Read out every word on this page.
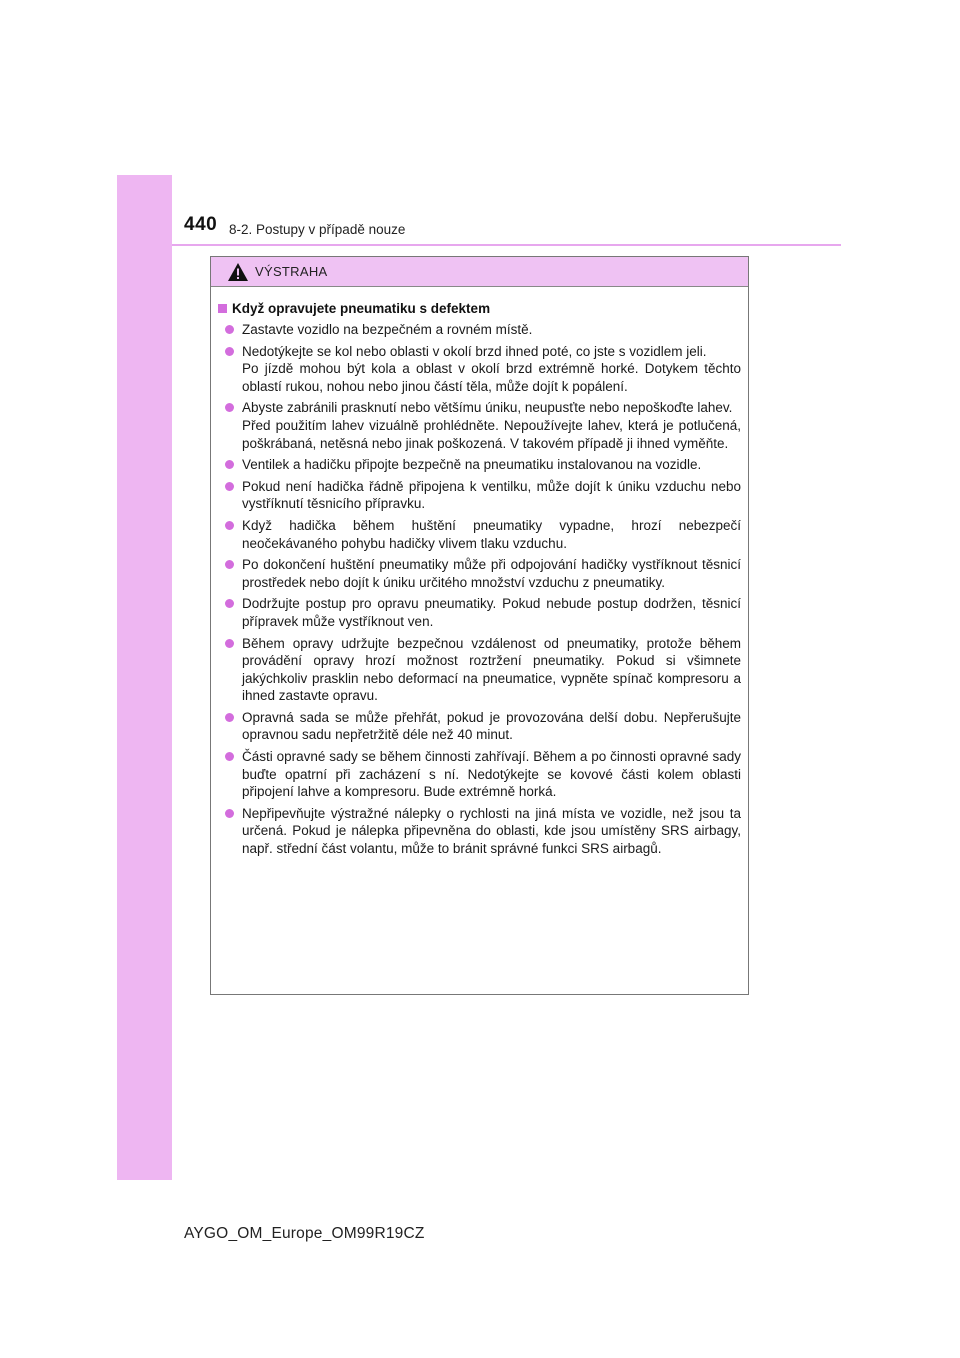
440 8-2. Postupy v případě nouze
VÝSTRAHA
Když opravujete pneumatiku s defektem
Zastavte vozidlo na bezpečném a rovném místě.
Nedotýkejte se kol nebo oblasti v okolí brzd ihned poté, co jste s vozidlem jeli.
Po jízdě mohou být kola a oblast v okolí brzd extrémně horké. Dotykem těchto oblastí rukou, nohou nebo jinou částí těla, může dojít k popálení.
Abyste zabránili prasknutí nebo většímu úniku, neupusťte nebo nepoškoďte lahev.
Před použitím lahev vizuálně prohlédněte. Nepoužívejte lahev, která je potlučená, poškrábaná, netěsná nebo jinak poškozená. V takovém případě ji ihned vyměňte.
Ventilek a hadičku připojte bezpečně na pneumatiku instalovanou na vozidle.
Pokud není hadička řádně připojena k ventilku, může dojít k úniku vzduchu nebo vystříknutí těsnicího přípravku.
Když hadička během huštění pneumatiky vypadne, hrozí nebezpečí neočekávaného pohybu hadičky vlivem tlaku vzduchu.
Po dokončení huštění pneumatiky může při odpojování hadičky vystříknout těsnicí prostředek nebo dojít k úniku určitého množství vzduchu z pneumatiky.
Dodržujte postup pro opravu pneumatiky. Pokud nebude postup dodržen, těsnicí přípravek může vystříknout ven.
Během opravy udržujte bezpečnou vzdálenost od pneumatiky, protože během provádění opravy hrozí možnost roztržení pneumatiky. Pokud si všimnete jakýchkoliv prasklin nebo deformací na pneumatice, vypněte spínač kompresoru a ihned zastavte opravu.
Opravná sada se může přehřát, pokud je provozována delší dobu. Nepřerušujte opravnou sadu nepřetržitě déle než 40 minut.
Části opravné sady se během činnosti zahřívají. Během a po činnosti opravné sady buďte opatrní při zacházení s ní. Nedotýkejte se kovové části kolem oblasti připojení lahve a kompresoru. Bude extrémně horká.
Nepřipevňujte výstražné nálepky o rychlosti na jiná místa ve vozidle, než jsou ta určená. Pokud je nálepka připevněna do oblasti, kde jsou umístěny SRS airbagy, např. střední část volantu, může to bránit správné funkci SRS airbagů.
AYGO_OM_Europe_OM99R19CZ
